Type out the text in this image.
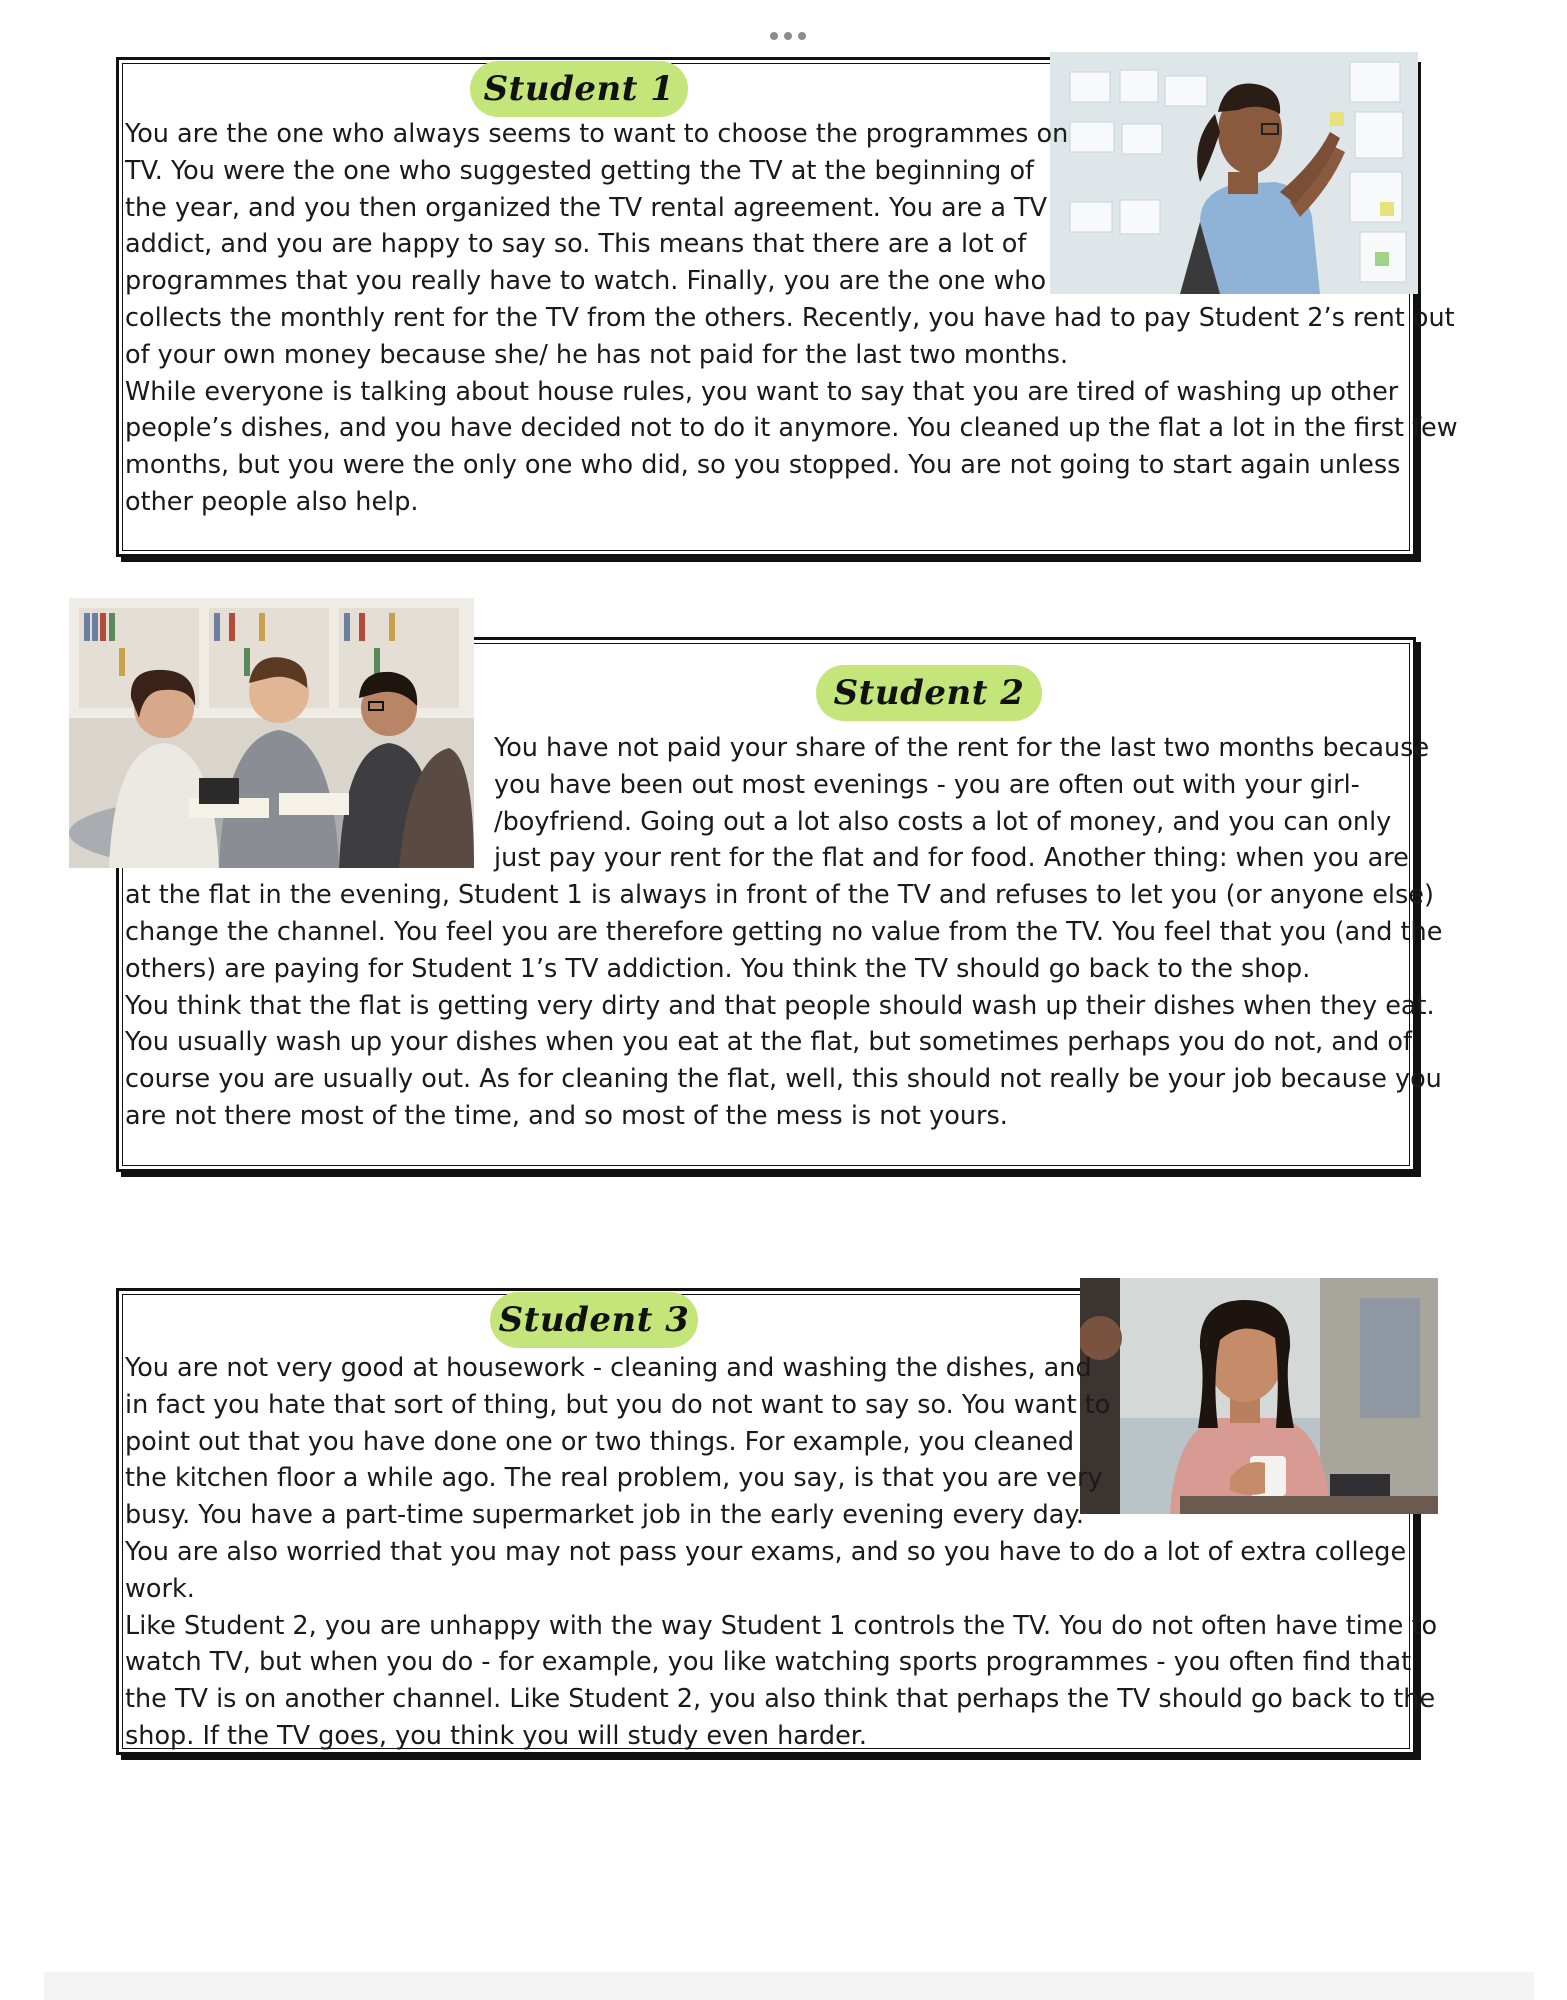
Student 1
You are the one who always seems to want to choose the programmes on
TV. You were the one who suggested getting the TV at the beginning of
the year, and you then organized the TV rental agreement. You are a TV
addict, and you are happy to say so. This means that there are a lot of
programmes that you really have to watch. Finally, you are the one who
collects the monthly rent for the TV from the others. Recently, you have had to pay Student 2’s rent out
of your own money because she/ he has not paid for the last two months.
While everyone is talking about house rules, you want to say that you are tired of washing up other
people’s dishes, and you have decided not to do it anymore. You cleaned up the flat a lot in the first few
months, but you were the only one who did, so you stopped. You are not going to start again unless
other people also help.
Student 2
You have not paid your share of the rent for the last two months because
you have been out most evenings - you are often out with your girl-
/boyfriend. Going out a lot also costs a lot of money, and you can only
just pay your rent for the flat and for food. Another thing: when you are
at the flat in the evening, Student 1 is always in front of the TV and refuses to let you (or anyone else)
change the channel. You feel you are therefore getting no value from the TV. You feel that you (and the
others) are paying for Student 1’s TV addiction. You think the TV should go back to the shop.
You think that the flat is getting very dirty and that people should wash up their dishes when they eat.
You usually wash up your dishes when you eat at the flat, but sometimes perhaps you do not, and of
course you are usually out. As for cleaning the flat, well, this should not really be your job because you
are not there most of the time, and so most of the mess is not yours.
Student 3
You are not very good at housework - cleaning and washing the dishes, and
in fact you hate that sort of thing, but you do not want to say so. You want to
point out that you have done one or two things. For example, you cleaned
the kitchen floor a while ago. The real problem, you say, is that you are very
busy. You have a part-time supermarket job in the early evening every day.
You are also worried that you may not pass your exams, and so you have to do a lot of extra college
work.
Like Student 2, you are unhappy with the way Student 1 controls the TV. You do not often have time to
watch TV, but when you do - for example, you like watching sports programmes - you often find that
the TV is on another channel. Like Student 2, you also think that perhaps the TV should go back to the
shop. If the TV goes, you think you will study even harder.
